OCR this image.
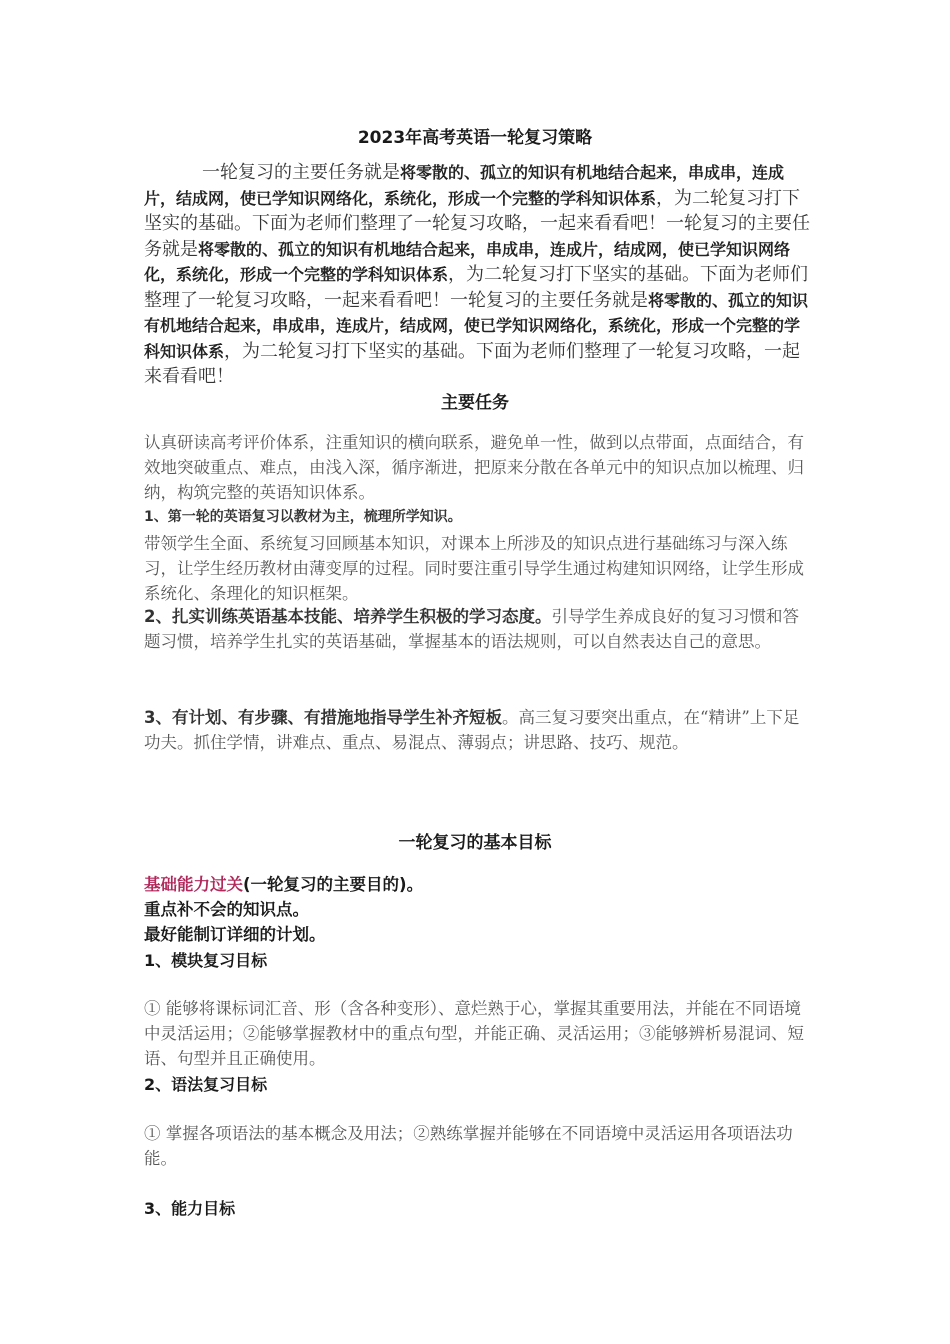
2023年高考英语一轮复习策略

一轮复习的主要任务就是将零散的、孤立的知识有机地结合起来，串成串，连成片，结成网，使已学知识网络化，系统化，形成一个完整的学科知识体系，为二轮复习打下坚实的基础。下面为老师们整理了一轮复习攻略，一起来看看吧！一轮复习的主要任务就是将零散的、孤立的知识有机地结合起来，串成串，连成片，结成网，使已学知识网络化，系统化，形成一个完整的学科知识体系，为二轮复习打下坚实的基础。下面为老师们整理了一轮复习攻略，一起来看看吧！一轮复习的主要任务就是将零散的、孤立的知识有机地结合起来，串成串，连成片，结成网，使已学知识网络化，系统化，形成一个完整的学科知识体系，为二轮复习打下坚实的基础。下面为老师们整理了一轮复习攻略，一起来看看吧！

主要任务

认真研读高考评价体系，注重知识的横向联系，避免单一性，做到以点带面，点面结合，有效地突破重点、难点，由浅入深，循序渐进，把原来分散在各单元中的知识点加以梳理、归纳，构筑完整的英语知识体系。

1、第一轮的英语复习以教材为主，梳理所学知识。

带领学生全面、系统复习回顾基本知识，对课本上所涉及的知识点进行基础练习与深入练习，让学生经历教材由薄变厚的过程。同时要注重引导学生通过构建知识网络，让学生形成系统化、条理化的知识框架。

2、扎实训练英语基本技能、培养学生积极的学习态度。引导学生养成良好的复习习惯和答题习惯，培养学生扎实的英语基础，掌握基本的语法规则，可以自然表达自己的意思。

3、有计划、有步骤、有措施地指导学生补齐短板。高三复习要突出重点，在“精讲”上下足功夫。抓住学情，讲难点、重点、易混点、薄弱点；讲思路、技巧、规范。

一轮复习的基本目标

基础能力过关(一轮复习的主要目的)。

重点补不会的知识点。

最好能制订详细的计划。

1、模块复习目标

① 能够将课标词汇音、形（含各种变形）、意烂熟于心，掌握其重要用法，并能在不同语境中灵活运用；②能够掌握教材中的重点句型，并能正确、灵活运用；③能够辨析易混词、短语、句型并且正确使用。

2、语法复习目标

① 掌握各项语法的基本概念及用法；②熟练掌握并能够在不同语境中灵活运用各项语法功能。

3、能力目标
